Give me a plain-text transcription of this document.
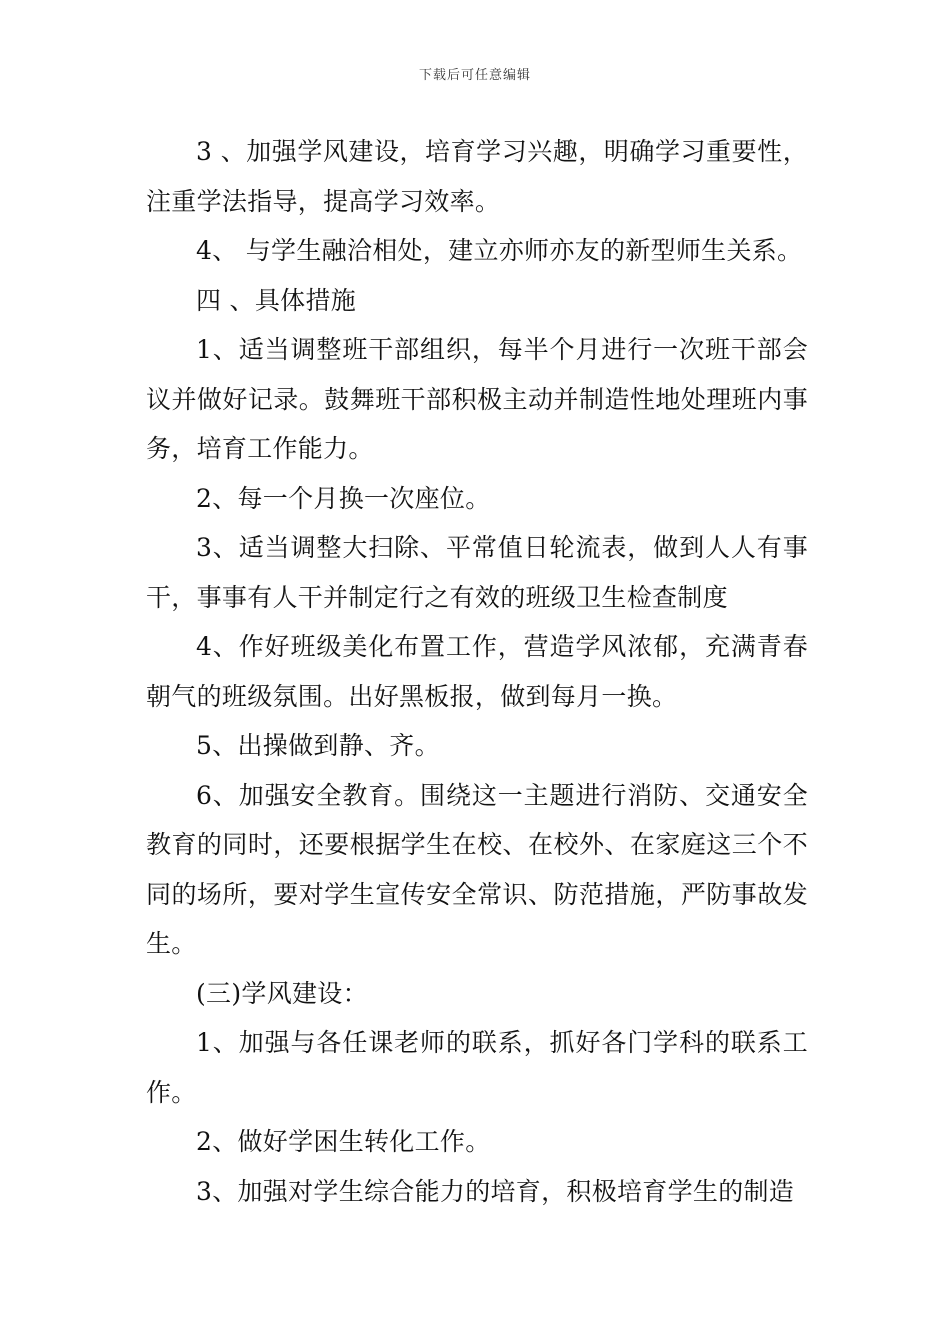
下载后可任意编辑

3 、加强学风建设，培育学习兴趣，明确学习重要性，注重学法指导，提高学习效率。

4、 与学生融洽相处，建立亦师亦友的新型师生关系。

四 、具体措施

1、适当调整班干部组织，每半个月进行一次班干部会议并做好记录。鼓舞班干部积极主动并制造性地处理班内事务，培育工作能力。

2、每一个月换一次座位。

3、适当调整大扫除、平常值日轮流表，做到人人有事干，事事有人干并制定行之有效的班级卫生检查制度

4、作好班级美化布置工作，营造学风浓郁，充满青春朝气的班级氛围。出好黑板报，做到每月一换。

5、出操做到静、齐。

6、加强安全教育。围绕这一主题进行消防、交通安全教育的同时，还要根据学生在校、在校外、在家庭这三个不同的场所，要对学生宣传安全常识、防范措施，严防事故发生。

(三)学风建设：

1、加强与各任课老师的联系，抓好各门学科的联系工作。

2、做好学困生转化工作。

3、加强对学生综合能力的培育，积极培育学生的制造
